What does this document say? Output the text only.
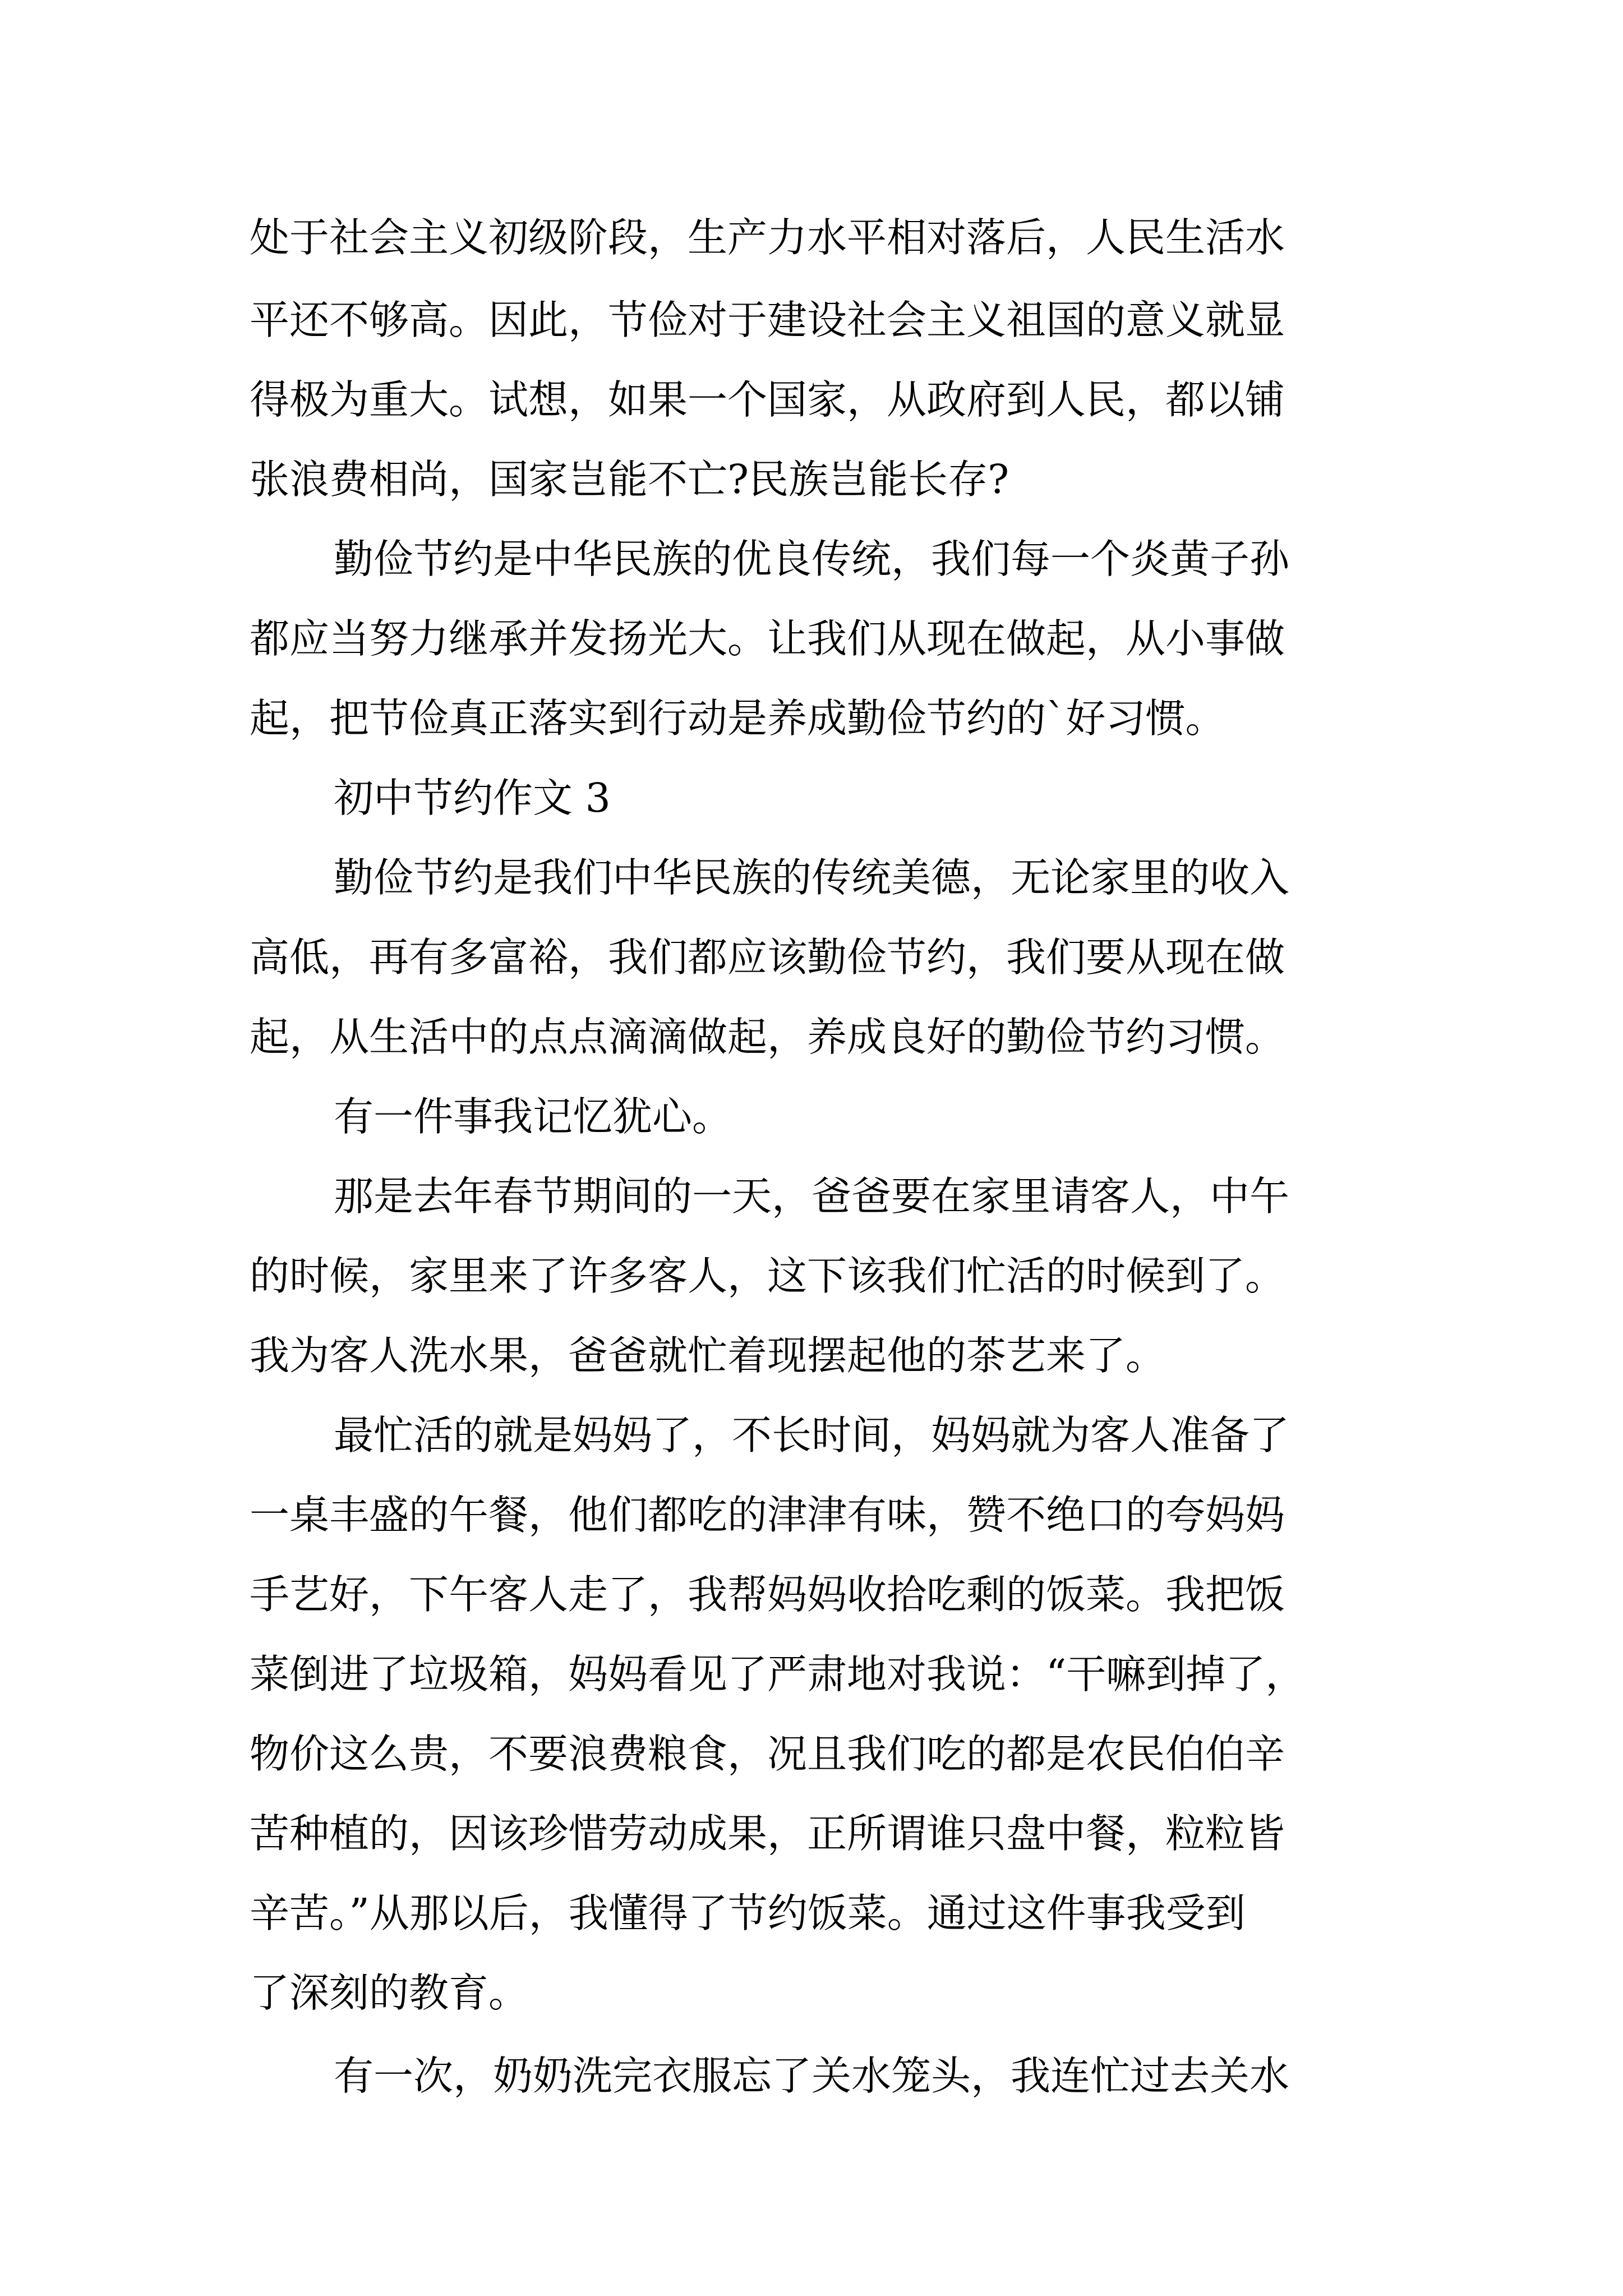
处于社会主义初级阶段，生产力水平相对落后，人民生活水
平还不够高。因此，节俭对于建设社会主义祖国的意义就显
得极为重大。试想，如果一个国家，从政府到人民，都以铺
张浪费相尚，国家岂能不亡?民族岂能长存?
勤俭节约是中华民族的优良传统，我们每一个炎黄子孙
都应当努力继承并发扬光大。让我们从现在做起，从小事做
起，把节俭真正落实到行动是养成勤俭节约的`好习惯。
初中节约作文 3
勤俭节约是我们中华民族的传统美德，无论家里的收入
高低，再有多富裕，我们都应该勤俭节约，我们要从现在做
起，从生活中的点点滴滴做起，养成良好的勤俭节约习惯。
有一件事我记忆犹心。
那是去年春节期间的一天，爸爸要在家里请客人，中午
的时候，家里来了许多客人，这下该我们忙活的时候到了。
我为客人洗水果，爸爸就忙着现摆起他的茶艺来了。
最忙活的就是妈妈了，不长时间，妈妈就为客人准备了
一桌丰盛的午餐，他们都吃的津津有味，赞不绝口的夸妈妈
手艺好，下午客人走了，我帮妈妈收拾吃剩的饭菜。我把饭
菜倒进了垃圾箱，妈妈看见了严肃地对我说：“干嘛到掉了，
物价这么贵，不要浪费粮食，况且我们吃的都是农民伯伯辛
苦种植的，因该珍惜劳动成果，正所谓谁只盘中餐，粒粒皆
辛苦。”从那以后，我懂得了节约饭菜。通过这件事我受到
了深刻的教育。
有一次，奶奶洗完衣服忘了关水笼头，我连忙过去关水
